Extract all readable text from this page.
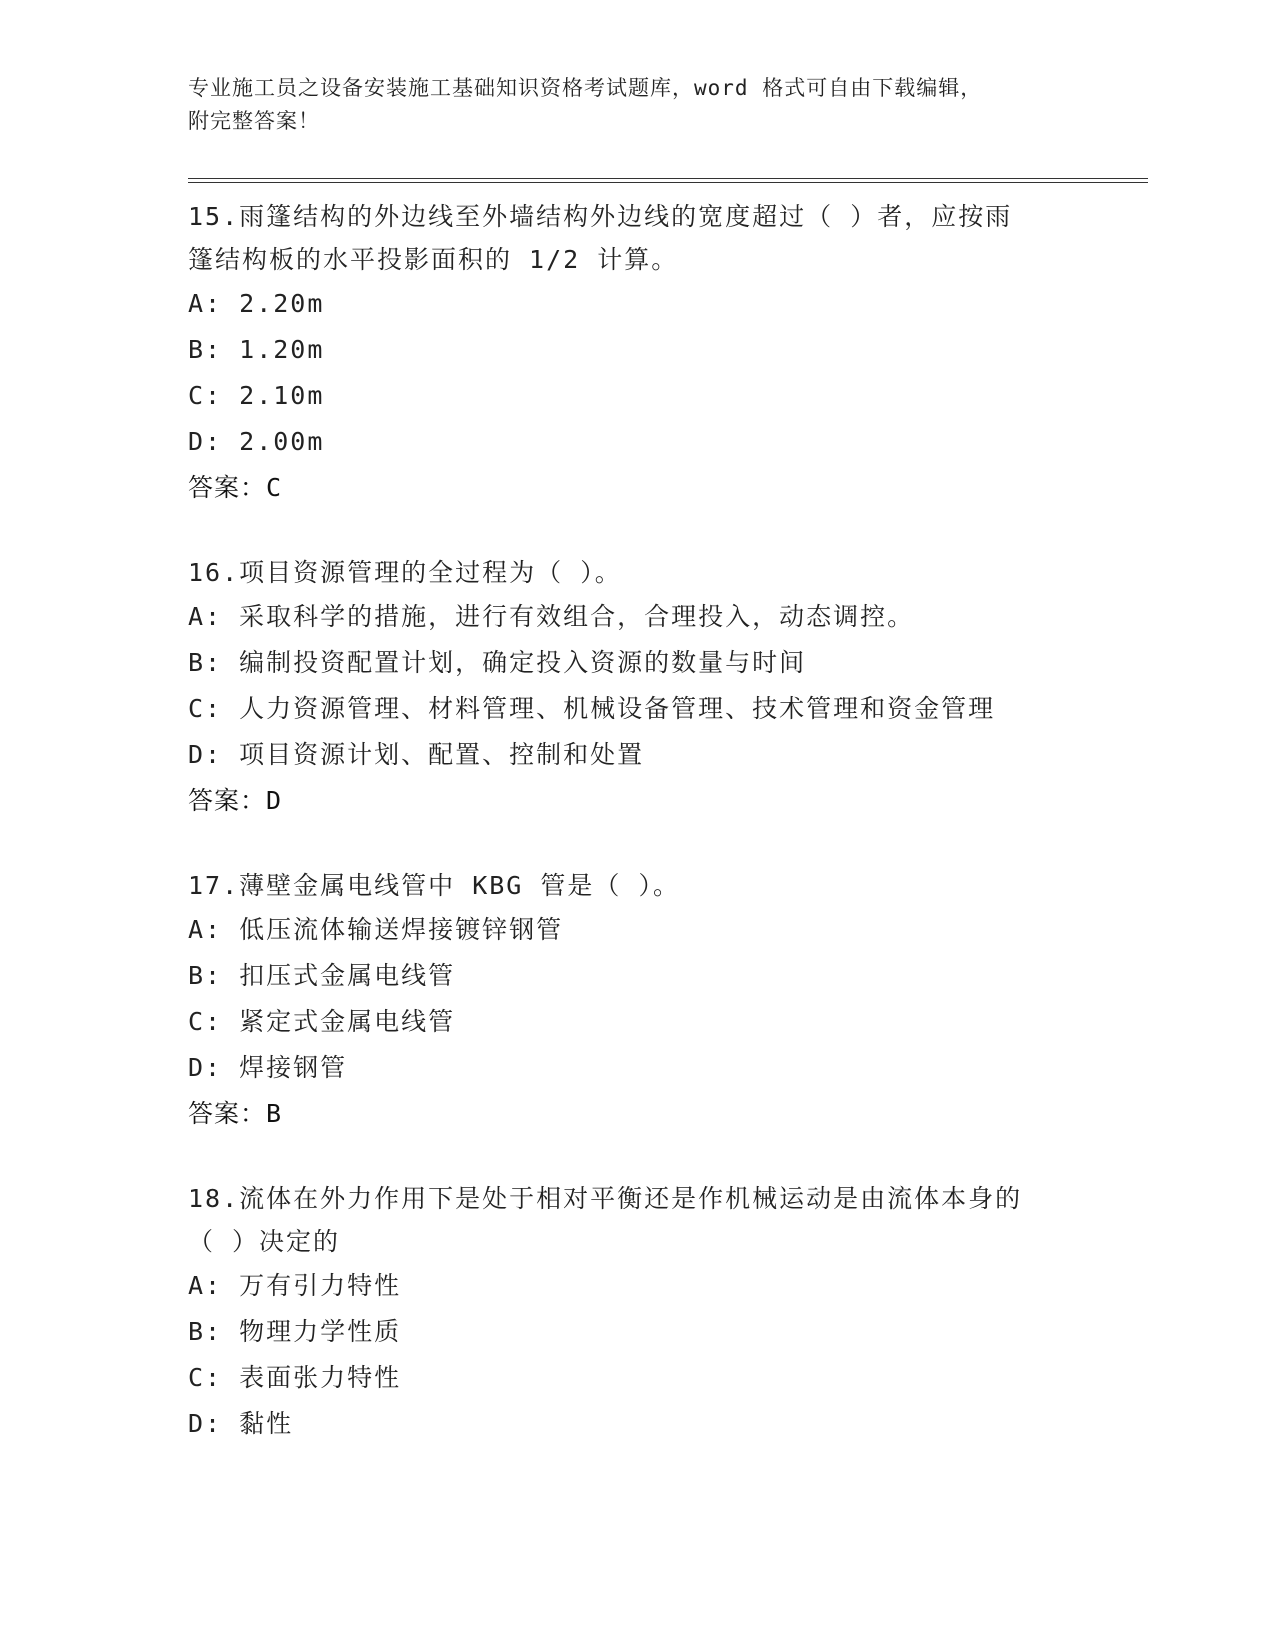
专业施工员之设备安装施工基础知识资格考试题库，word 格式可自由下载编辑，

附完整答案！

15.雨篷结构的外边线至外墙结构外边线的宽度超过（ ）者，应按雨

篷结构板的水平投影面积的 1/2 计算。

A: 2.20m

B: 1.20m

C: 2.10m

D: 2.00m

答案：C

16.项目资源管理的全过程为（ ）。

A: 采取科学的措施，进行有效组合，合理投入，动态调控。

B: 编制投资配置计划，确定投入资源的数量与时间

C: 人力资源管理、材料管理、机械设备管理、技术管理和资金管理

D: 项目资源计划、配置、控制和处置

答案：D

17.薄壁金属电线管中 KBG 管是（ ）。

A: 低压流体输送焊接镀锌钢管

B: 扣压式金属电线管

C: 紧定式金属电线管

D: 焊接钢管

答案：B

18.流体在外力作用下是处于相对平衡还是作机械运动是由流体本身的

（ ）决定的

A: 万有引力特性

B: 物理力学性质

C: 表面张力特性

D: 黏性
